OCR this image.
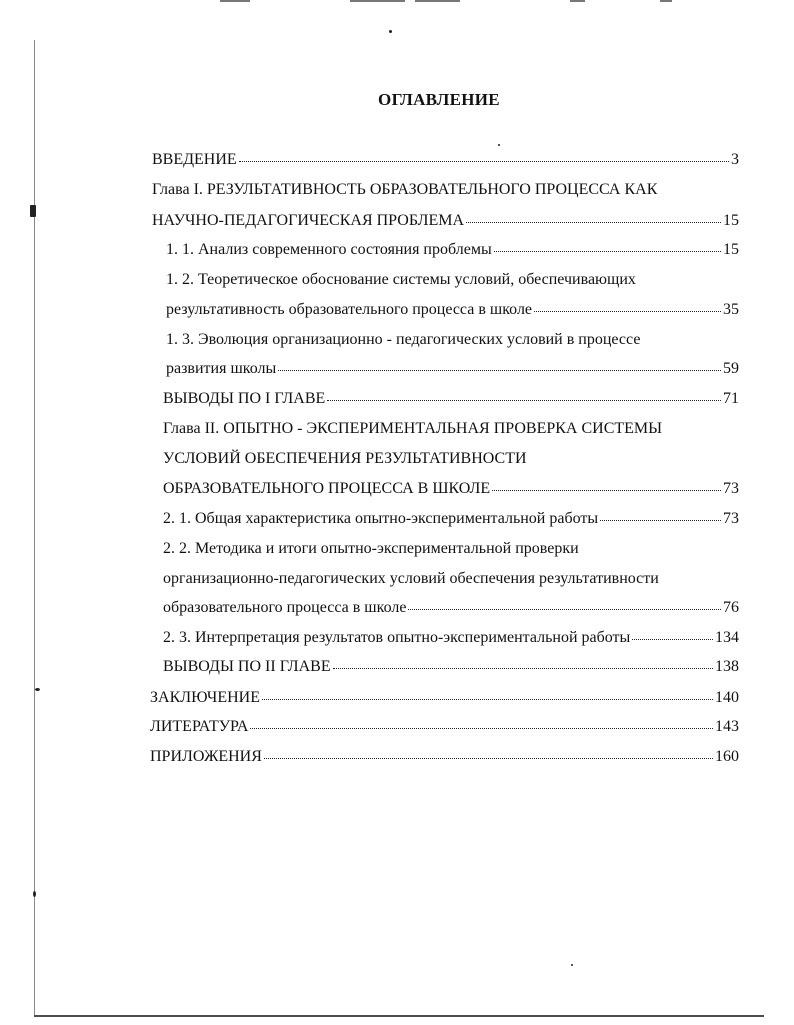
ОГЛАВЛЕНИЕ
ВВЕДЕНИЕ	3
Глава I. РЕЗУЛЬТАТИВНОСТЬ ОБРАЗОВАТЕЛЬНОГО ПРОЦЕССА КАК
НАУЧНО-ПЕДАГОГИЧЕСКАЯ ПРОБЛЕМА	15
1. 1. Анализ современного состояния проблемы	15
1. 2. Теоретическое обоснование системы условий, обеспечивающих
результативность образовательного процесса в школе	35
1. 3. Эволюция организационно - педагогических условий в процессе
развития школы	59
ВЫВОДЫ ПО I ГЛАВЕ	71
Глава II. ОПЫТНО - ЭКСПЕРИМЕНТАЛЬНАЯ ПРОВЕРКА СИСТЕМЫ
УСЛОВИЙ ОБЕСПЕЧЕНИЯ РЕЗУЛЬТАТИВНОСТИ
ОБРАЗОВАТЕЛЬНОГО ПРОЦЕССА В ШКОЛЕ	73
2. 1. Общая характеристика опытно-экспериментальной работы	73
2. 2. Методика и итоги опытно-экспериментальной проверки
организационно-педагогических условий обеспечения результативности
образовательного процесса в школе	76
2. 3. Интерпретация результатов опытно-экспериментальной работы	134
ВЫВОДЫ ПО II ГЛАВЕ	138
ЗАКЛЮЧЕНИЕ	140
ЛИТЕРАТУРА	143
ПРИЛОЖЕНИЯ	160
